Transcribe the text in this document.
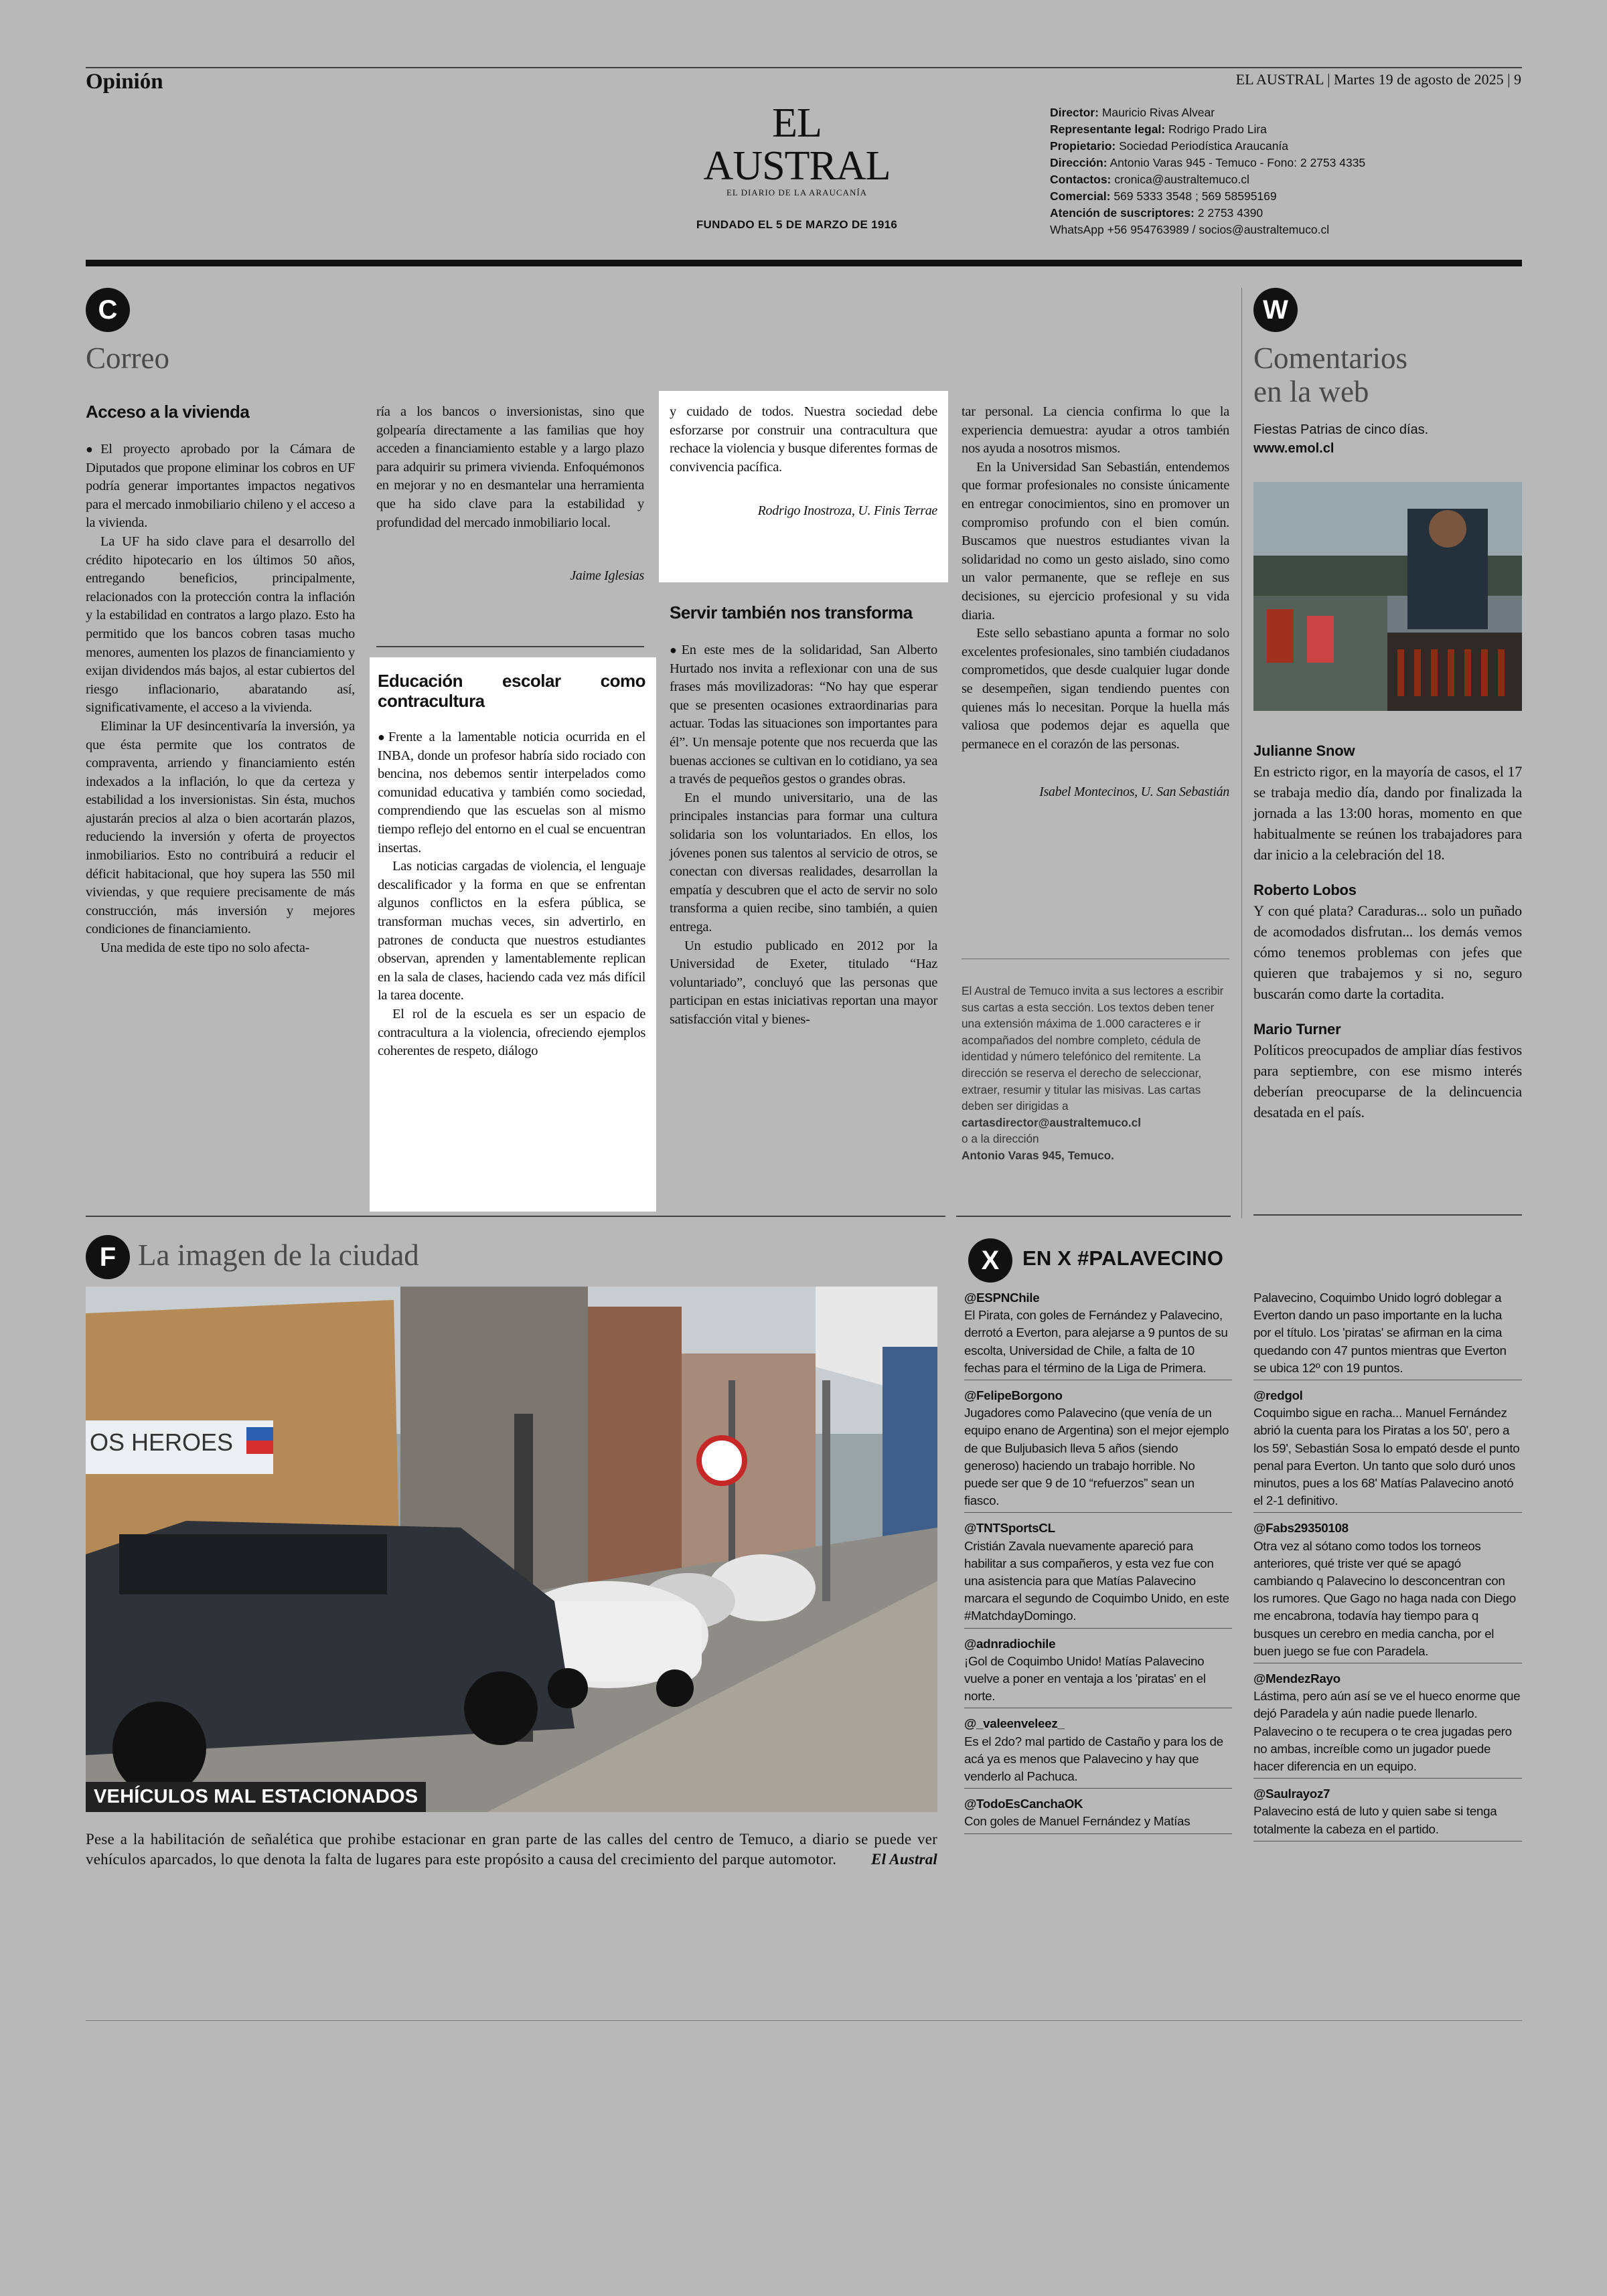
Opinión	EL AUSTRAL | Martes 19 de agosto de 2025 | 9
EL AUSTRAL
EL DIARIO DE LA ARAUCANÍA
FUNDADO EL 5 DE MARZO DE 1916

Director: Mauricio Rivas Alvear

Representante legal: Rodrigo Prado Lira

Propietario: Sociedad Periodística Araucanía

Dirección: Antonio Varas 945 - Temuco - Fono: 2 2753 4335

Contactos: cronica@australtemuco.cl

Comercial: 569 5333 3548 ; 569 58595169

Atención de suscriptores: 2 2753 4390

WhatsApp +56 954763989 / socios@australtemuco.cl

C
Correo

Acceso a la vivienda

●El proyecto aprobado por la Cámara de Diputados que propone eliminar los cobros en UF podría generar importantes impactos negativos para el mercado inmobiliario chileno y el acceso a la vivienda.

La UF ha sido clave para el desarrollo del crédito hipotecario en los últimos 50 años, entregando beneficios, principalmente, relacionados con la protección contra la inflación y la estabilidad en contratos a largo plazo. Esto ha permitido que los bancos cobren tasas mucho menores, aumenten los plazos de financiamiento y exijan dividendos más bajos, al estar cubiertos del riesgo inflacionario, abaratando así, significativamente, el acceso a la vivienda.

Eliminar la UF desincentivaría la inversión, ya que ésta permite que los contratos de compraventa, arriendo y financiamiento estén indexados a la inflación, lo que da certeza y estabilidad a los inversionistas. Sin ésta, muchos ajustarán precios al alza o bien acortarán plazos, reduciendo la inversión y oferta de proyectos inmobiliarios. Esto no contribuirá a reducir el déficit habitacional, que hoy supera las 550 mil viviendas, y que requiere precisamente de más construcción, más inversión y mejores condiciones de financiamiento.

Una medida de este tipo no solo afecta-

ría a los bancos o inversionistas, sino que golpearía directamente a las familias que hoy acceden a financiamiento estable y a largo plazo para adquirir su primera vivienda. Enfoquémonos en mejorar y no en desmantelar una herramienta que ha sido clave para la estabilidad y profundidad del mercado inmobiliario local.

Jaime Iglesias

Educación escolar como contracultura

●Frente a la lamentable noticia ocurrida en el INBA, donde un profesor habría sido rociado con bencina, nos debemos sentir interpelados como comunidad educativa y también como sociedad, comprendiendo que las escuelas son al mismo tiempo reflejo del entorno en el cual se encuentran insertas.

Las noticias cargadas de violencia, el lenguaje descalificador y la forma en que se enfrentan algunos conflictos en la esfera pública, se transforman muchas veces, sin advertirlo, en patrones de conducta que nuestros estudiantes observan, aprenden y lamentablemente replican en la sala de clases, haciendo cada vez más difícil la tarea docente.

El rol de la escuela es ser un espacio de contracultura a la violencia, ofreciendo ejemplos coherentes de respeto, diálogo

y cuidado de todos. Nuestra sociedad debe esforzarse por construir una contracultura que rechace la violencia y busque diferentes formas de convivencia pacífica.

Rodrigo Inostroza, U. Finis Terrae

Servir también nos transforma

●En este mes de la solidaridad, San Alberto Hurtado nos invita a reflexionar con una de sus frases más movilizadoras: “No hay que esperar que se presenten ocasiones extraordinarias para actuar. Todas las situaciones son importantes para él”. Un mensaje potente que nos recuerda que las buenas acciones se cultivan en lo cotidiano, ya sea a través de pequeños gestos o grandes obras.

En el mundo universitario, una de las principales instancias para formar una cultura solidaria son los voluntariados. En ellos, los jóvenes ponen sus talentos al servicio de otros, se conectan con diversas realidades, desarrollan la empatía y descubren que el acto de servir no solo transforma a quien recibe, sino también, a quien entrega.

Un estudio publicado en 2012 por la Universidad de Exeter, titulado “Haz voluntariado”, concluyó que las personas que participan en estas iniciativas reportan una mayor satisfacción vital y bienes-

tar personal. La ciencia confirma lo que la experiencia demuestra: ayudar a otros también nos ayuda a nosotros mismos.

En la Universidad San Sebastián, entendemos que formar profesionales no consiste únicamente en entregar conocimientos, sino en promover un compromiso profundo con el bien común. Buscamos que nuestros estudiantes vivan la solidaridad no como un gesto aislado, sino como un valor permanente, que se refleje en sus decisiones, su ejercicio profesional y su vida diaria.

Este sello sebastiano apunta a formar no solo excelentes profesionales, sino también ciudadanos comprometidos, que desde cualquier lugar donde se desempeñen, sigan tendiendo puentes con quienes más lo necesitan. Porque la huella más valiosa que podemos dejar es aquella que permanece en el corazón de las personas.

Isabel Montecinos, U. San Sebastián

El Austral de Temuco invita a sus lectores a escribir sus cartas a esta sección. Los textos deben tener una extensión máxima de 1.000 caracteres e ir acompañados del nombre completo, cédula de identidad y número telefónico del remitente. La dirección se reserva el derecho de seleccionar, extraer, resumir y titular las misivas. Las cartas deben ser dirigidas a
cartasdirector@australtemuco.cl
o a la dirección
Antonio Varas 945, Temuco.
W
Comentarios
en la web
Fiestas Patrias de cinco días.
www.emol.cl

Julianne Snow
En estricto rigor, en la mayoría de casos, el 17 se trabaja medio día, dando por finalizada la jornada a las 13:00 horas, momento en que habitualmente se reúnen los trabajadores para dar inicio a la celebración del 18.

Roberto Lobos
Y con qué plata? Caraduras... solo un puñado de acomodados disfrutan... los demás vemos cómo tenemos problemas con jefes que quieren que trabajemos y si no, seguro buscarán como darte la cortadita.

Mario Turner
Políticos preocupados de ampliar días festivos para septiembre, con ese mismo interés deberían preocuparse de la delincuencia desatada en el país.

F La imagen de la ciudad
OS HEROES
VEHÍCULOS MAL ESTACIONADOS
Pese a la habilitación de señalética que prohibe estacionar en gran parte de las calles del centro de Temuco, a diario se puede ver vehículos aparcados, lo que denota la falta de lugares para este propósito a causa del crecimiento del parque automotor. El Austral
X	EN X #PALAVECINO
@ESPNChile
El Pirata, con goles de Fernández y Palavecino, derrotó a Everton, para alejarse a 9 puntos de su escolta, Universidad de Chile, a falta de 10 fechas para el término de la Liga de Primera.
@FelipeBorgono
Jugadores como Palavecino (que venía de un equipo enano de Argentina) son el mejor ejemplo de que Buljubasich lleva 5 años (siendo generoso) haciendo un trabajo horrible. No puede ser que 9 de 10 “refuerzos” sean un fiasco.
@TNTSportsCL
Cristián Zavala nuevamente apareció para habilitar a sus compañeros, y esta vez fue con una asistencia para que Matías Palavecino marcara el segundo de Coquimbo Unido, en este #MatchdayDomingo.
@adnradiochile
¡Gol de Coquimbo Unido! Matías Palavecino vuelve a poner en ventaja a los 'piratas' en el norte.
@_valeenveleez_
Es el 2do? mal partido de Castaño y para los de acá ya es menos que Palavecino y hay que venderlo al Pachuca.
@TodoEsCanchaOK
Con goles de Manuel Fernández y Matías
Palavecino, Coquimbo Unido logró doblegar a Everton dando un paso importante en la lucha por el título. Los 'piratas' se afirman en la cima quedando con 47 puntos mientras que Everton se ubica 12º con 19 puntos.
@redgol
Coquimbo sigue en racha... Manuel Fernández abrió la cuenta para los Piratas a los 50', pero a los 59', Sebastián Sosa lo empató desde el punto penal para Everton. Un tanto que solo duró unos minutos, pues a los 68' Matías Palavecino anotó el 2-1 definitivo.
@Fabs29350108
Otra vez al sótano como todos los torneos anteriores, qué triste ver qué se apagó cambiando q Palavecino lo desconcentran con los rumores. Que Gago no haga nada con Diego me encabrona, todavía hay tiempo para q busques un cerebro en media cancha, por el buen juego se fue con Paradela.
@MendezRayo
Lástima, pero aún así se ve el hueco enorme que dejó Paradela y aún nadie puede llenarlo. Palavecino o te recupera o te crea jugadas pero no ambas, increíble como un jugador puede hacer diferencia en un equipo.
@Saulrayoz7
Palavecino está de luto y quien sabe si tenga totalmente la cabeza en el partido.
